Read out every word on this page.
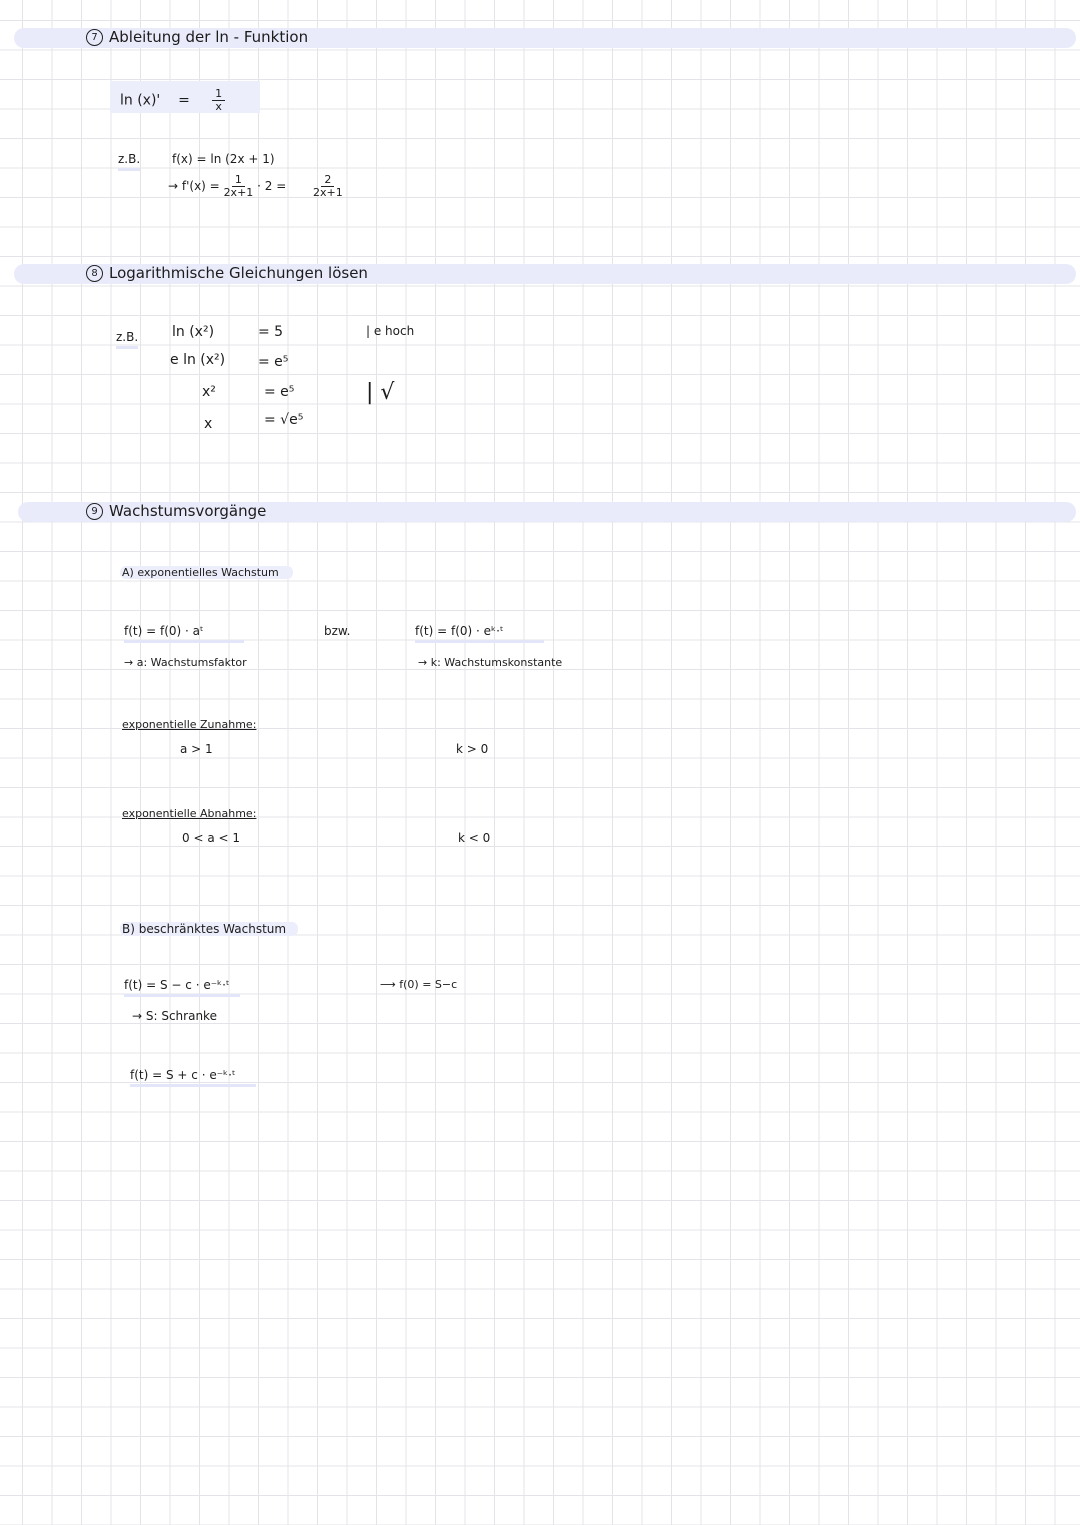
7 Ableitung der ln - Funktion
$\ln (x)' = \frac{1}{x}$
z.B.	f(x) = ln (2x + 1)
→ $f'(x) = \frac{1}{2x+1} \cdot 2 = \frac{2}{2x+1}$
8 Logarithmische Gleichungen lösen
z.B. ln (x²)	= 5	| e hoch
e ln (x²) = e⁵
x²	= e⁵	| √
x	= √e⁵
9 Wachstumsvorgänge
A) exponentielles Wachstum
f(t) = f(0) · aᵗ	bzw.	f(t) = f(0) · eᵏ·ᵗ
→ a: Wachstumsfaktor	→ k: Wachstumskonstante
exponentielle Zunahme:
a > 1	k > 0
exponentielle Abnahme:
0 < a < 1	k < 0
B) beschränktes Wachstum
f(t) = S − c · e⁻ᵏ·ᵗ	⟶ f(0) = S−c
→ S: Schranke
f(t) = S + c · e⁻ᵏ·ᵗ
